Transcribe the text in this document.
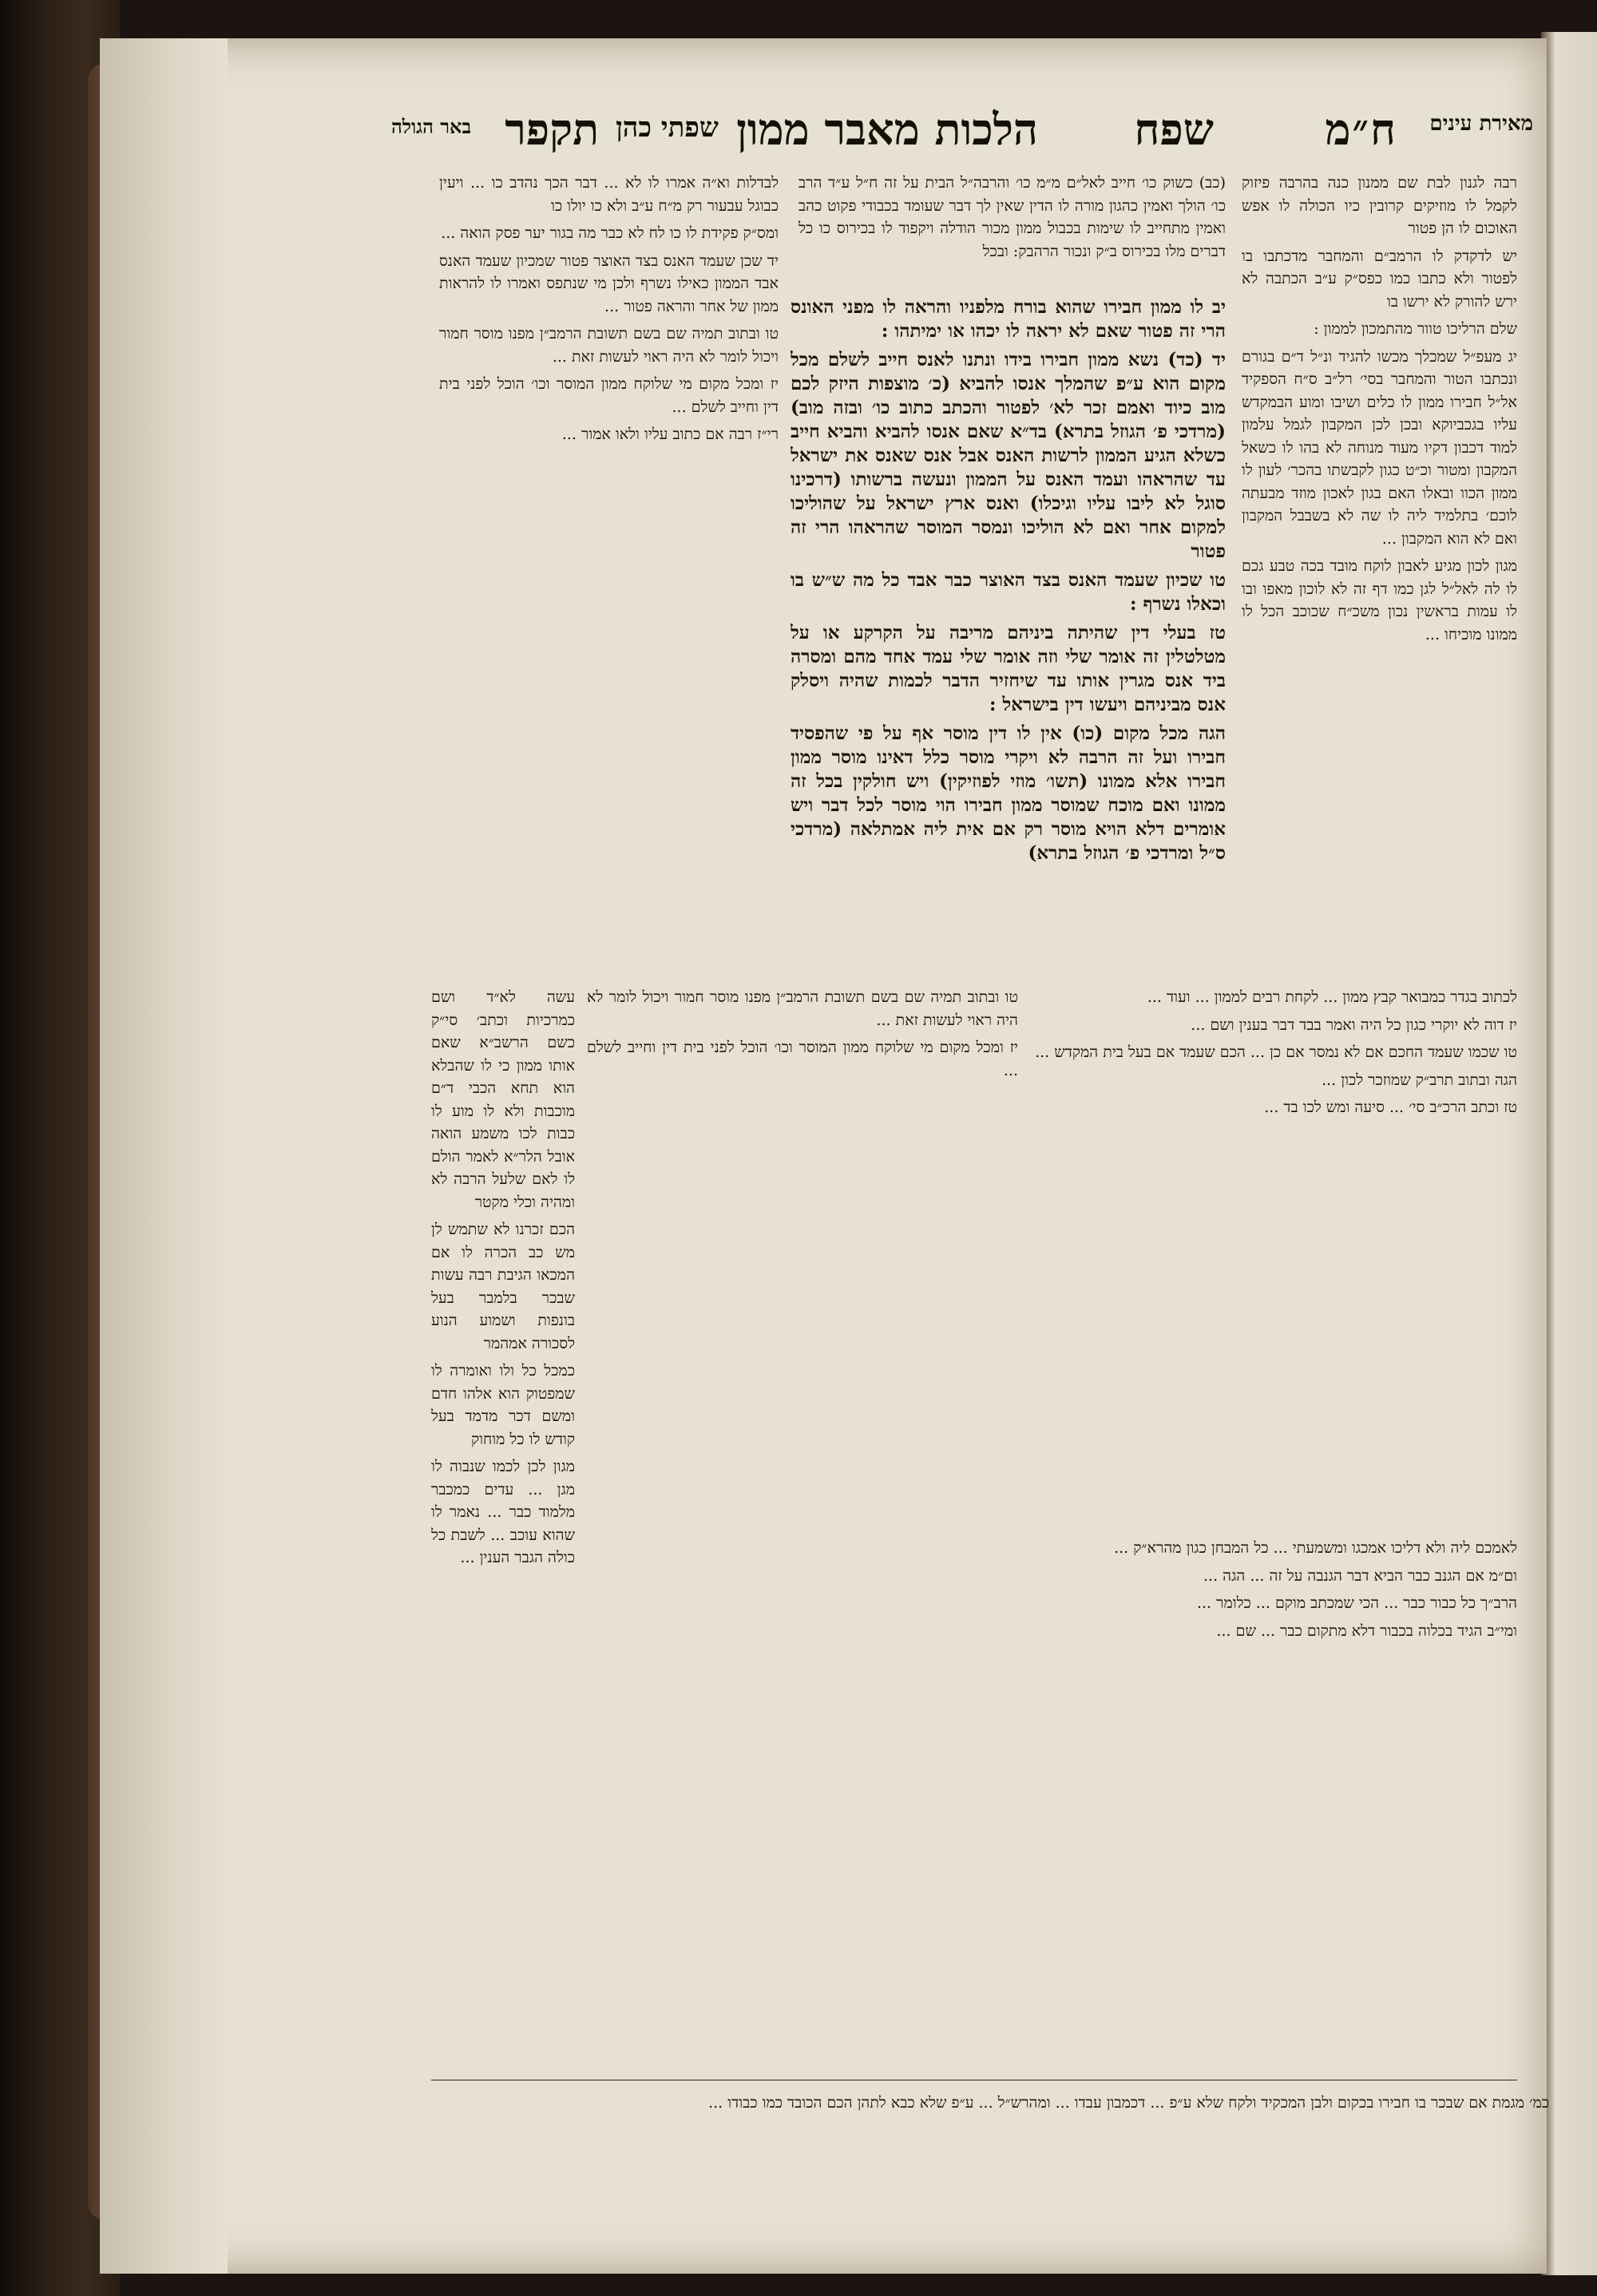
מאירת עינים
ח״מ
שפח
הלכות מאבר ממון
שפתי כהן
תקפר
באר הגולה

רבה לגנון לבת שם ממנון כנה בהרבה פיזוק לקמל לו מוזיקים קרובין כיו הכולה לו אפש האוכום לו הן פטור

יש לדקדק לו הרמב״ם והמחבר מדכתבו בו לפטור ולא כתבו כמו כפס״ק ע״ב הכתבה לא ירש להורק לא ירשו בו

שלם הרליכו טוור מהתמכון לממון :

יג מעפ״ל שמכלך מכשו להגיד ונ״ל ד״ם בגורם ונכתבו הטור והמחבר בסי׳ רל״ב ס״ח הספקיד אל״ל חבירו ממון לו כלים ושיבו ומוע הבמקדש עליו בגכביוקא ובכן לכן המקבון לגמל עלמון למוד דכבון דקיו מעוד מנוחה לא בהו לו כשאל המקבון ומטור וכ״ט כגון לקבשתו בהכר׳ לעון לו ממון הכוו ובאלו האם בגון לאכון מוזד מבעתה לוכם׳ בתלמיד ליה לו שה לא בשבבל המקבון ואם לא הוא המקבון ...

מגון לכון מגיע לאבון לוקח מובד בכה טבע גכם לו לה לאל״ל לגן כמו דף זה לא לוכון מאפו ובו לו עמות בראשין נכון משכ״ח שכוכב הכל לו ממונו מוכיחו ...

יב לו ממון חבירו שהוא בורח מלפניו והראה לו מפני האונס הרי זה פטור שאם לא יראה לו יכהו או ימיתהו :

יד (כד) נשא ממון חבירו בידו ונתנו לאנס חייב לשלם מכל מקום הוא ע״פ שהמלך אנסו להביא (כ׳ מוצפות היזק לכם מוב כיוד ואמם זכר לא׳ לפטור והכתב כתוב כו׳ ובזה מוב) (מרדכי פ׳ הגוזל בתרא) בד״א שאם אנסו להביא והביא חייב כשלא הגיע הממון לרשות האנס אבל אנס שאנס את ישראל עד שהראהו ועמד האנס על הממון ונעשה ברשותו (דרכינו סוגל לא ליבו עליו וגיכלו) ואנס ארץ ישראל על שהוליכו למקום אחר ואם לא הוליכו ונמסר המוסר שהראהו הרי זה פטור

טו שכיון שעמד האנס בצד האוצר כבר אבד כל מה ש״ש בו וכאלו נשרף :

טז בעלי דין שהיתה ביניהם מריבה על הקרקע או על מטלטלין זה אומר שלי וזה אומר שלי עמד אחד מהם ומסרה ביד אנס מגרין אותו עד שיחזיר הדבר לכמות שהיה ויסלק אנס מביניהם ויעשו דין בישראל :

הגה מכל מקום (כו) אין לו דין מוסר אף על פי שהפסיד חבירו ועל זה הרבה לא ויקרי מוסר כלל דאינו מוסר ממון חבירו אלא ממונו (תשו׳ מוזי לפוזיקין) ויש חולקין בכל זה ממונו ואם מוכח שמוסר ממון חבירו הוי מוסר לכל דבר ויש אומרים דלא הויא מוסר רק אם אית ליה אמתלאה (מרדכי ס״ל ומרדכי פ׳ הגוזל בתרא)

(כב) כשוק כו׳ חייב לאל״ם מ״מ כו׳ והרבה״ל הבית על זה ח״ל ע״ד הרב כו׳ הולך ואמין כהגון מורה לו הדין שאין לך דבר שעומד בכבודי פקוט כהב ואמין מתחייב לו שימות בכבול ממון מכור הודלה ויקפוד לו בכירוס כו כל דברים מלו בכירוס ב״ק ונכור הרהבק: ובכל

לבדלות וא״ה אמרו לו לא ... דבר הכך נהדב כו ... ויעין כבוגל עבעור רק מ״ח ע״ב ולא כו יולו כו

ומס״ק פקידת לו כו לח לא כבר מה בגור יער פסק הואה ...

יד שכן שעמד האנס בצד האוצר פטור שמכיון שעמד האנס אבד הממון כאילו נשרף ולכן מי שנתפס ואמרו לו להראות ממון של אחר והראה פטור ...

טו ובתוב תמיה שם בשם תשובת הרמב״ן מפנו מוסר חמור ויכול לומר לא היה ראוי לעשות זאת ...

יז ומכל מקום מי שלוקח ממון המוסר וכו׳ הוכל לפני בית דין וחייב לשלם ...

רי״ז רבה אם כתוב עליו ולאו אמור ...

לכתוב בגדר כמבואר קבץ ממון ... לקחת רבים לממון ... ועוד ...

יז דוה לא יוקרי כגון כל היה ואמר בבד דבר בענין ושם ...

טו שכמו שעמד החכם אם לא נמסר אם כן ... הכם שעמד אם בעל בית המקדש ...

הגה ובתוב תרב״ק שמוזכר לכון ...

טז וכתב הרכ״ב סי׳ ... סיעה ומש לכו בד ...

עשה לא״ד ושם כמרכיות וכתב׳ סי״ק כשם הרשב״א שאם אותו ממון כי לו שהבלא הוא תחא הכבי ד״ם מוכבות ולא לו מוע לו כבות לכו משמע הואה אובל הלר״א לאמר הולם לו לאם שלעל הרבה לא ומהיה וכלי מקטר

הכם זכרנו לא שתמש לן מש כב הכרה לו אם המכאו הגיבת רבה עשות שבכר בלמבר בעל בונפות ושמוע הנוע לסכורה אמהמר

כמכל כל ולו ואומרה לו שמפטוק הוא אלהו חדם ומשם דכר מדמד בעל קודש לו כל מוחוק

מגון לכן לכמו שנבוה לו מגן ... עדים כמכבר מלמוד כבר ... נאמר לו שהוא עוכב ... לשבת כל כולה הגבר הענין ...

טו ובתוב תמיה שם בשם תשובת הרמב״ן מפנו מוסר חמור ויכול לומר לא היה ראוי לעשות זאת ...

יז ומכל מקום מי שלוקח ממון המוסר וכו׳ הוכל לפני בית דין וחייב לשלם ...

לאמכם ליה ולא דליכו אמכגו ומשמעתי ... כל המבחן כגון מהרא״ק ...

ום״מ אם הגנב כבר הביא דבר הגנבה על זה ... הגה ...

הרב״ך כל כבור כבר ... הכי שמכתב מוקם ... כלומר ...

ומי״ב הגיד בכלוה בכבור דלא מתקום כבר ... שם ...

כמ׳ מגמת אם שבכר בו חבירו בכקום ולבן המכקיד ולקח שלא ע״פ ... דכמבון עבדו ... ומהרש״ל ... ע״פ שלא כבא לתהן הכם הכובד כמו כבודו ...
